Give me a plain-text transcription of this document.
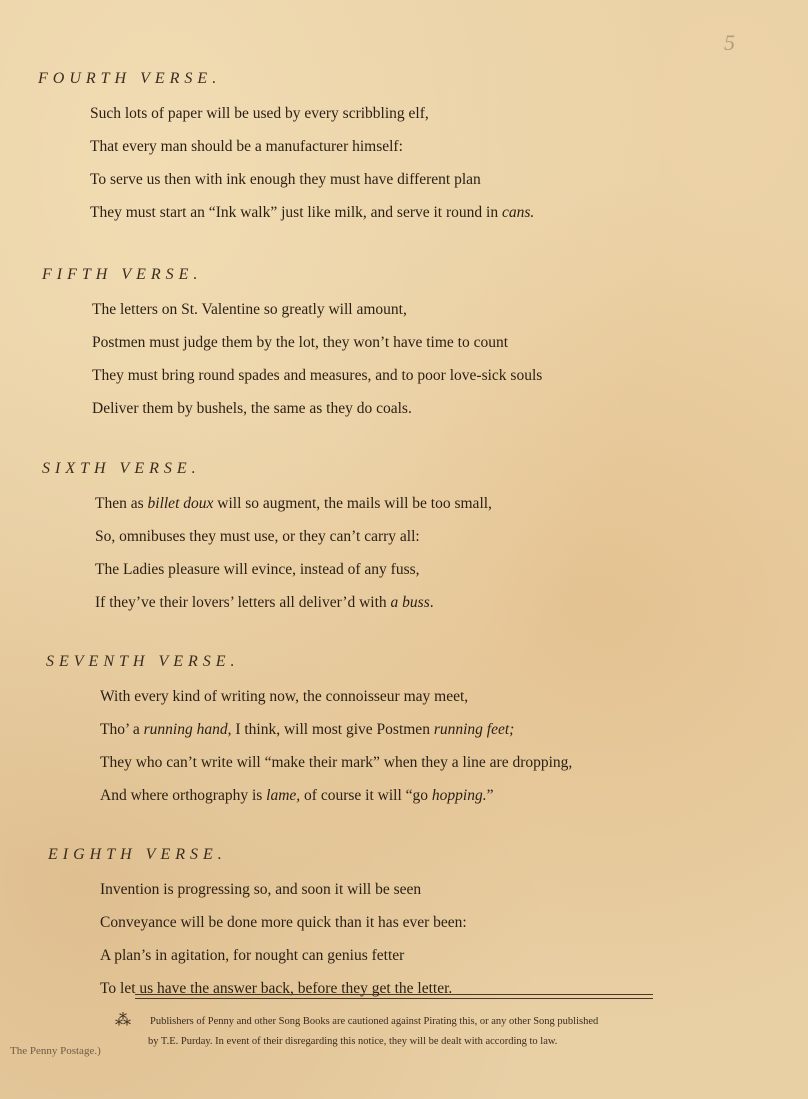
5
FOURTH VERSE.
Such lots of paper will be used by every scribbling elf,
That every man should be a manufacturer himself:
To serve us then with ink enough they must have different plan
They must start an “Ink walk” just like milk, and serve it round in cans.
FIFTH VERSE.
The letters on St. Valentine so greatly will amount,
Postmen must judge them by the lot, they won’t have time to count
They must bring round spades and measures, and to poor love-sick souls
Deliver them by bushels, the same as they do coals.
SIXTH VERSE.
Then as billet doux will so augment, the mails will be too small,
So, omnibuses they must use, or they can’t carry all:
The Ladies pleasure will evince, instead of any fuss,
If they’ve their lovers’ letters all deliver’d with a buss.
SEVENTH VERSE.
With every kind of writing now, the connoisseur may meet,
Tho’ a running hand, I think, will most give Postmen running feet;
They who can’t write will “make their mark” when they a line are dropping,
And where orthography is lame, of course it will “go hopping.”
EIGHTH VERSE.
Invention is progressing so, and soon it will be seen
Conveyance will be done more quick than it has ever been:
A plan’s in agitation, for nought can genius fetter
To let us have the answer back, before they get the letter.
⁂ Publishers of Penny and other Song Books are cautioned against Pirating this, or any other Song published
by T.E. Purday. In event of their disregarding this notice, they will be dealt with according to law.
The Penny Postage.)
